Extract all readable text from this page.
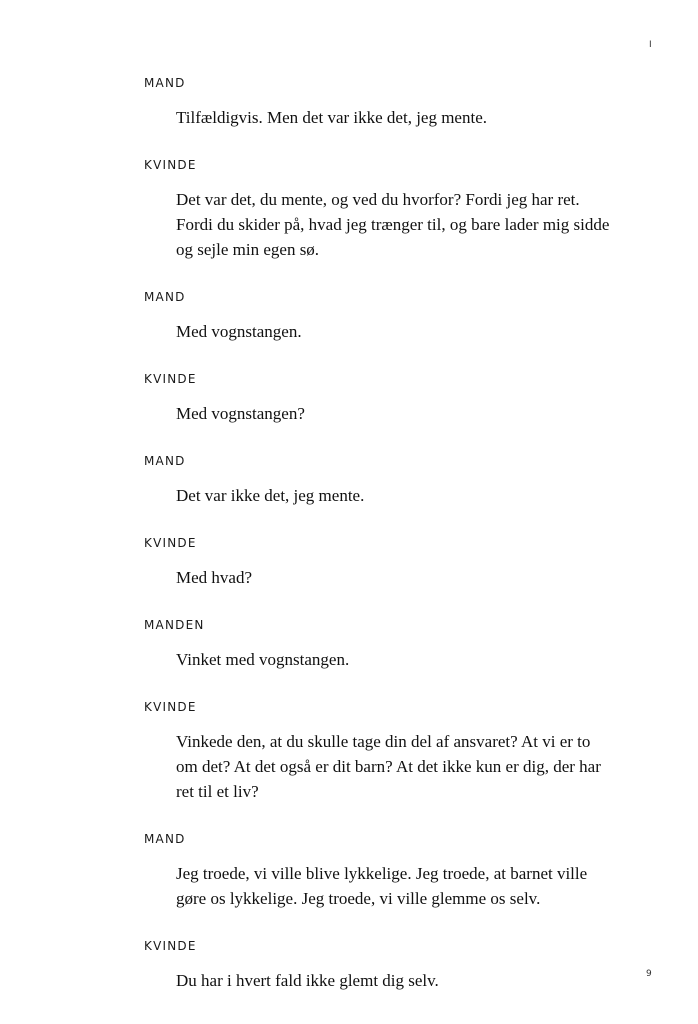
I

MAND

Tilfældigvis. Men det var ikke det, jeg mente.

KVINDE

Det var det, du mente, og ved du hvorfor? Fordi jeg har ret. Fordi du skider på, hvad jeg trænger til, og bare lader mig sidde og sejle min egen sø.

MAND

Med vognstangen.

KVINDE

Med vognstangen?

MAND

Det var ikke det, jeg mente.

KVINDE

Med hvad?

MANDEN

Vinket med vognstangen.

KVINDE

Vinkede den, at du skulle tage din del af ansvaret? At vi er to om det? At det også er dit barn? At det ikke kun er dig, der har ret til et liv?

MAND

Jeg troede, vi ville blive lykkelige. Jeg troede, at barnet ville gøre os lykkelige. Jeg troede, vi ville glemme os selv.

KVINDE

Du har i hvert fald ikke glemt dig selv.	9
